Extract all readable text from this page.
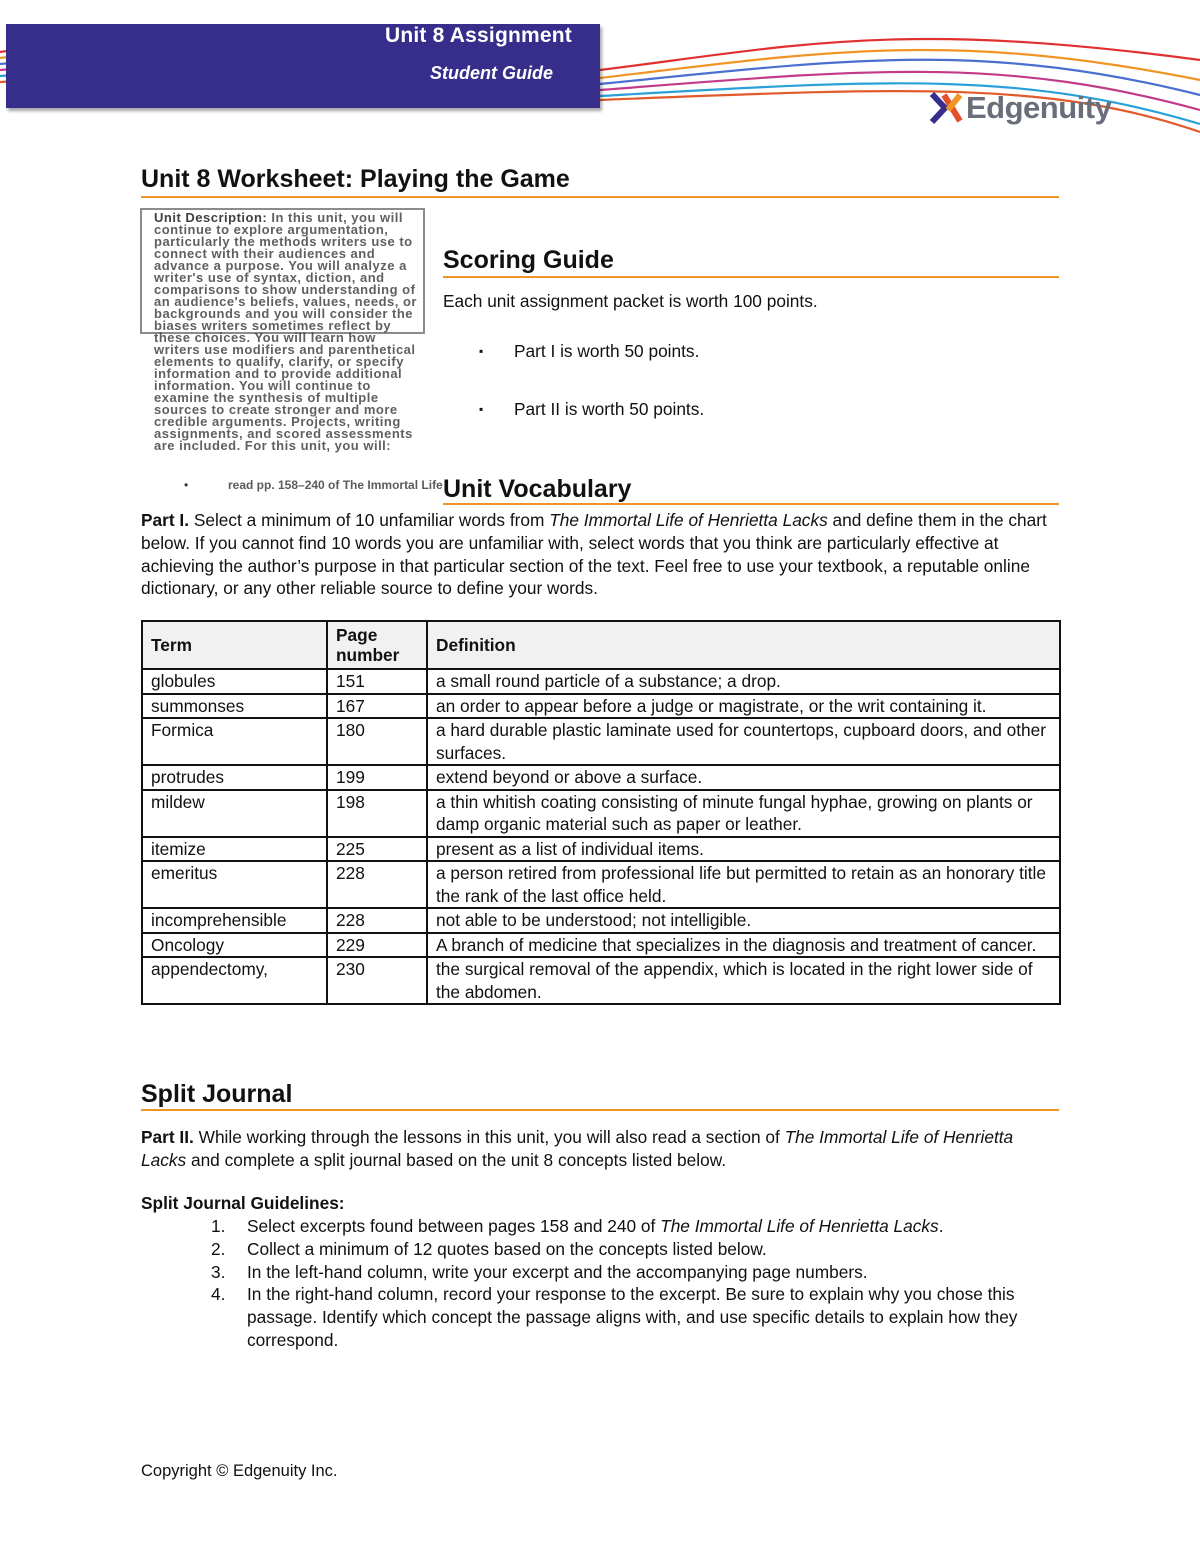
Unit 8 Assignment
Student Guide
Edgenuity
Unit 8 Worksheet: Playing the Game

Unit Description: In this unit, you will continue to explore argumentation, particularly the methods writers use to connect with their audiences and advance a purpose. You will analyze a writer's use of syntax, diction, and comparisons to show understanding of an audience's beliefs, values, needs, or backgrounds and you will consider the biases writers sometimes reflect by these choices. You will learn how writers use modifiers and parenthetical elements to qualify, clarify, or specify information and to provide additional information. You will continue to examine the synthesis of multiple sources to create stronger and more credible arguments. Projects, writing assignments, and scored assessments are included. For this unit, you will:

•	read pp. 158–240 of The Immortal Life
Scoring Guide
Each unit assignment packet is worth 100 points.
▪ Part I is worth 50 points.
▪ Part II is worth 50 points.
Unit Vocabulary
Part I. Select a minimum of 10 unfamiliar words from The Immortal Life of Henrietta Lacks and define them in the chart below. If you cannot find 10 words you are unfamiliar with, select words that you think are particularly effective at achieving the author’s purpose in that particular section of the text. Feel free to use your textbook, a reputable online dictionary, or any other reliable source to define your words.
Term	Page number	Definition
globules	151	a small round particle of a substance; a drop.
summonses	167	an order to appear before a judge or magistrate, or the writ containing it.
Formica	180	a hard durable plastic laminate used for countertops, cupboard doors, and other surfaces.
protrudes	199	extend beyond or above a surface.
mildew	198	a thin whitish coating consisting of minute fungal hyphae, growing on plants or damp organic material such as paper or leather.
itemize	225	present as a list of individual items.
emeritus	228	a person retired from professional life but permitted to retain as an honorary title the rank of the last office held.
incomprehensible	228	not able to be understood; not intelligible.
Oncology	229	A branch of medicine that specializes in the diagnosis and treatment of cancer.
appendectomy,	230	the surgical removal of the appendix, which is located in the right lower side of the abdomen.
Split Journal
Part II. While working through the lessons in this unit, you will also read a section of The Immortal Life of Henrietta Lacks and complete a split journal based on the unit 8 concepts listed below.
Split Journal Guidelines:
1. Select excerpts found between pages 158 and 240 of The Immortal Life of Henrietta Lacks.
2. Collect a minimum of 12 quotes based on the concepts listed below.
3. In the left-hand column, write your excerpt and the accompanying page numbers.
4. In the right-hand column, record your response to the excerpt. Be sure to explain why you chose this passage. Identify which concept the passage aligns with, and use specific details to explain how they correspond.
Copyright © Edgenuity Inc.
